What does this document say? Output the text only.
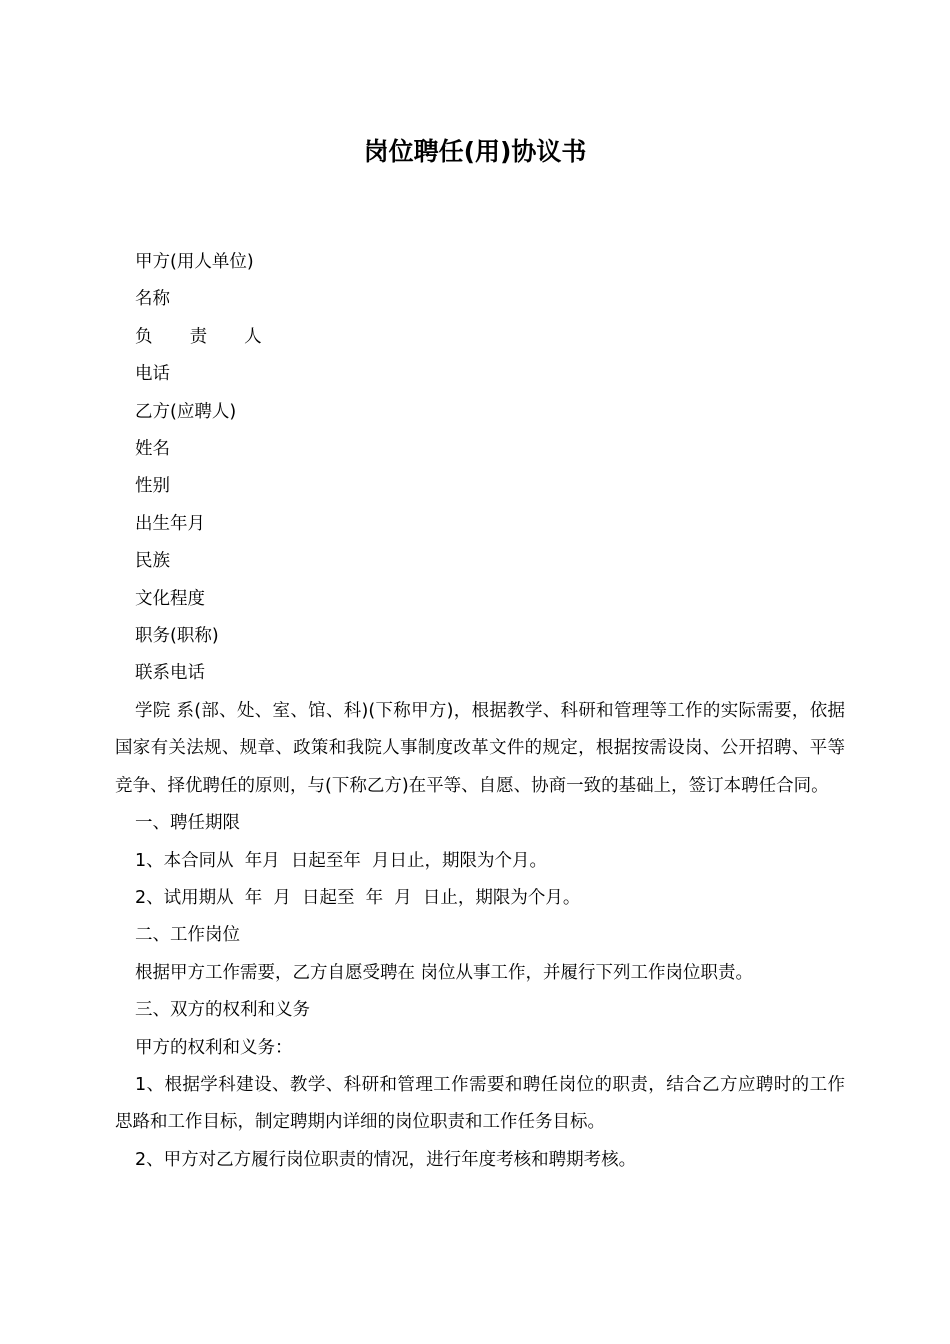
岗位聘任(用)协议书
甲方(用人单位)
名称
负 责 人
电话
乙方(应聘人)
姓名
性别
出生年月
民族
文化程度
职务(职称)
联系电话
学院 系(部、处、室、馆、科)(下称甲方)，根据教学、科研和管理等工作的实际需要，依据国家有关法规、规章、政策和我院人事制度改革文件的规定，根据按需设岗、公开招聘、平等竞争、择优聘任的原则，与(下称乙方)在平等、自愿、协商一致的基础上，签订本聘任合同。
一、聘任期限
1、本合同从  年月  日起至年  月日止，期限为个月。
2、试用期从  年  月  日起至  年  月  日止，期限为个月。
二、工作岗位
根据甲方工作需要，乙方自愿受聘在 岗位从事工作，并履行下列工作岗位职责。
三、双方的权利和义务
甲方的权利和义务：
1、根据学科建设、教学、科研和管理工作需要和聘任岗位的职责，结合乙方应聘时的工作思路和工作目标，制定聘期内详细的岗位职责和工作任务目标。
2、甲方对乙方履行岗位职责的情况，进行年度考核和聘期考核。
